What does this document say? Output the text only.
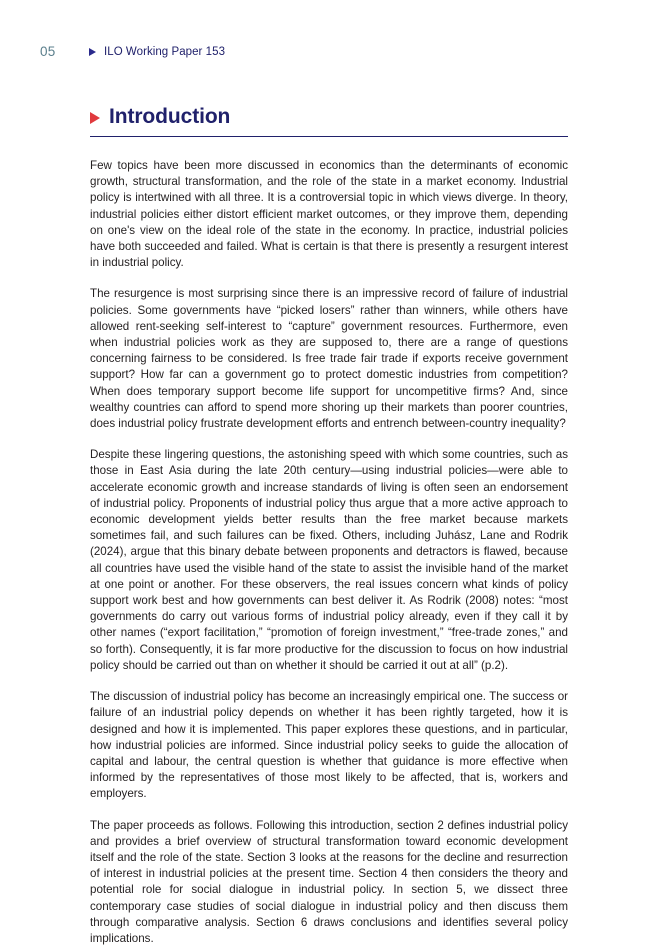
05	ILO Working Paper 153
Introduction

Few topics have been more discussed in economics than the determinants of economic growth, structural transformation, and the role of the state in a market economy. Industrial policy is intertwined with all three. It is a controversial topic in which views diverge. In theory, industrial policies either distort efficient market outcomes, or they improve them, depending on one's view on the ideal role of the state in the economy. In practice, industrial policies have both succeeded and failed. What is certain is that there is presently a resurgent interest in industrial policy.

The resurgence is most surprising since there is an impressive record of failure of industrial policies. Some governments have “picked losers” rather than winners, while others have allowed rent-seeking self-interest to “capture” government resources. Furthermore, even when industrial policies work as they are supposed to, there are a range of questions concerning fairness to be considered. Is free trade fair trade if exports receive government support? How far can a government go to protect domestic industries from competition? When does temporary support become life support for uncompetitive firms? And, since wealthy countries can afford to spend more shoring up their markets than poorer countries, does industrial policy frustrate development efforts and entrench between-country inequality?

Despite these lingering questions, the astonishing speed with which some countries, such as those in East Asia during the late 20th century—using industrial policies—were able to accelerate economic growth and increase standards of living is often seen an endorsement of industrial policy. Proponents of industrial policy thus argue that a more active approach to economic development yields better results than the free market because markets sometimes fail, and such failures can be fixed. Others, including Juhász, Lane and Rodrik (2024), argue that this binary debate between proponents and detractors is flawed, because all countries have used the visible hand of the state to assist the invisible hand of the market at one point or another. For these observers, the real issues concern what kinds of policy support work best and how governments can best deliver it. As Rodrik (2008) notes: “most governments do carry out various forms of industrial policy already, even if they call it by other names (“export facilitation,” “promotion of foreign investment,” “free-trade zones,” and so forth). Consequently, it is far more productive for the discussion to focus on how industrial policy should be carried out than on whether it should be carried it out at all” (p.2).

The discussion of industrial policy has become an increasingly empirical one. The success or failure of an industrial policy depends on whether it has been rightly targeted, how it is designed and how it is implemented. This paper explores these questions, and in particular, how industrial policies are informed. Since industrial policy seeks to guide the allocation of capital and labour, the central question is whether that guidance is more effective when informed by the representatives of those most likely to be affected, that is, workers and employers.

The paper proceeds as follows. Following this introduction, section 2 defines industrial policy and provides a brief overview of structural transformation toward economic development itself and the role of the state. Section 3 looks at the reasons for the decline and resurrection of interest in industrial policies at the present time. Section 4 then considers the theory and potential role for social dialogue in industrial policy. In section 5, we dissect three contemporary case studies of social dialogue in industrial policy and then discuss them through comparative analysis. Section 6 draws conclusions and identifies several policy implications.
